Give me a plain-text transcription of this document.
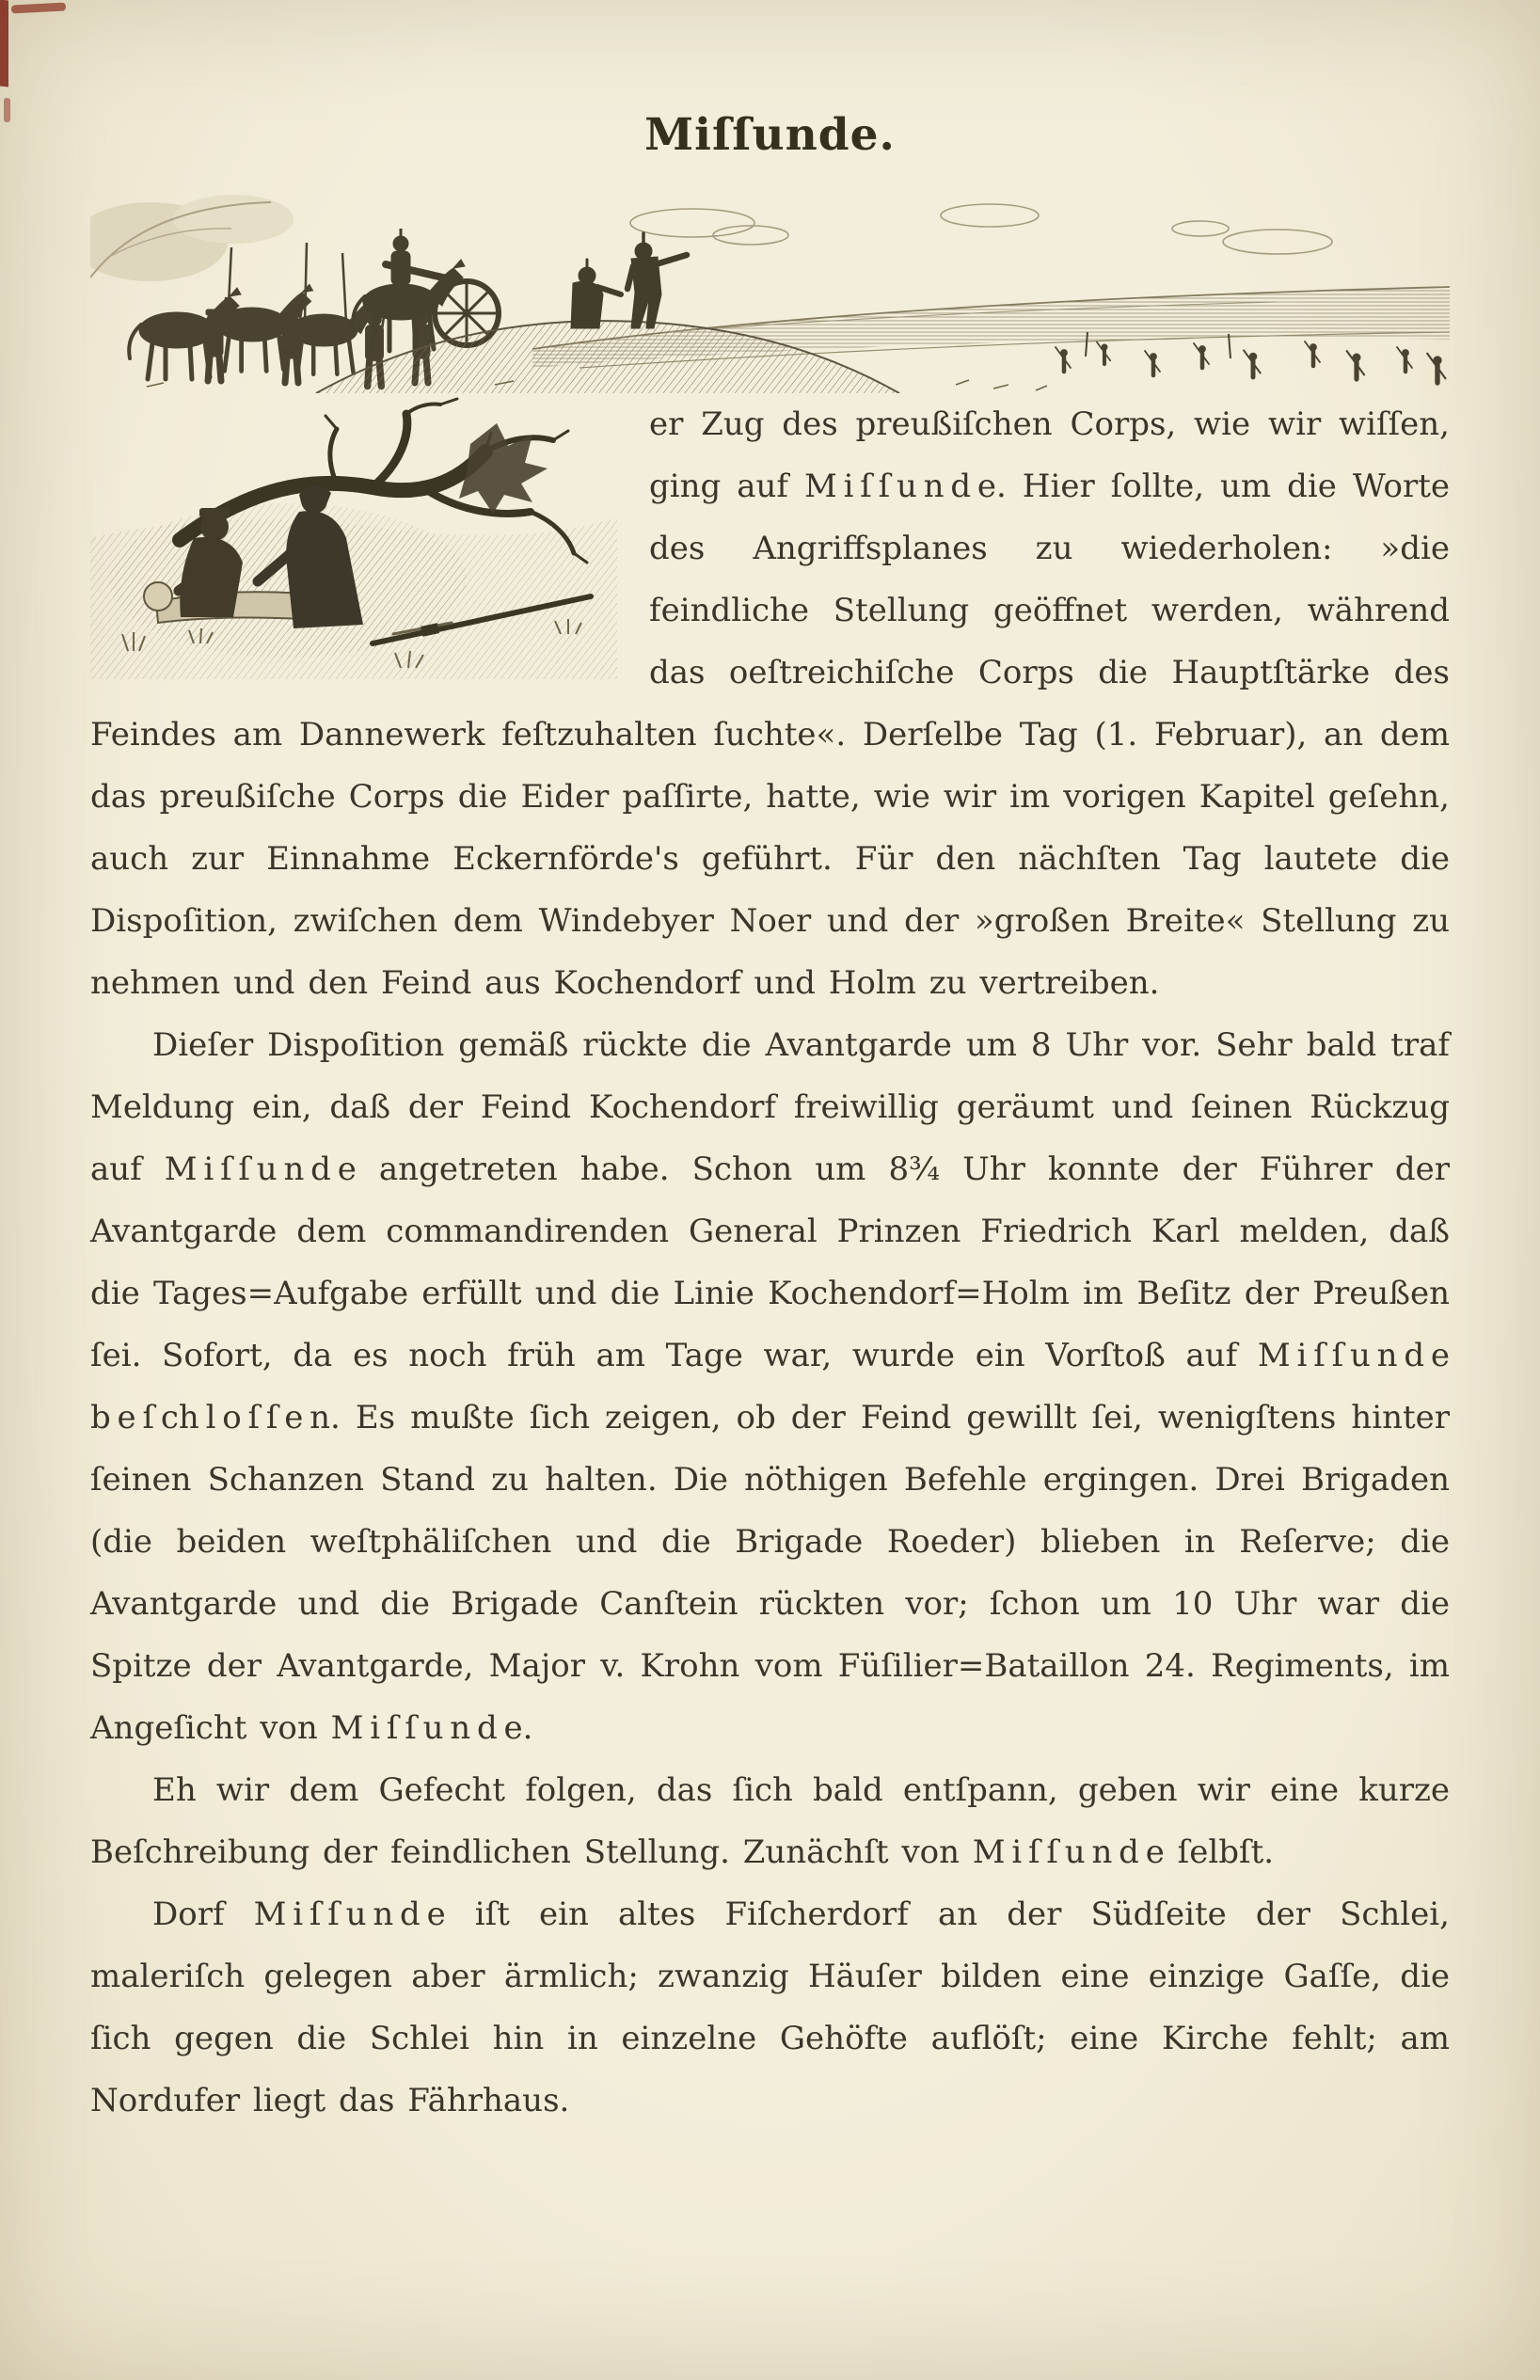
Miſſunde.

er Zug des preußiſchen Corps, wie wir wiſſen, ging auf M i ſ ſ u n d e. Hier ſollte, um die Worte des Angriffsplanes zu wiederholen: »die feindliche Stellung geöffnet werden, während das oeſtreichiſche Corps die Hauptſtärke des Feindes am Dannewerk feſtzuhalten ſuchte«. Derſelbe Tag (1. Februar), an dem das preußiſche Corps die Eider paſſirte, hatte, wie wir im vorigen Kapitel geſehn, auch zur Einnahme Eckernförde's geführt. Für den nächſten Tag lautete die Dispoſition, zwiſchen dem Windebyer Noer und der »großen Breite« Stellung zu nehmen und den Feind aus Kochendorf und Holm zu vertreiben.

Dieſer Dispoſition gemäß rückte die Avantgarde um 8 Uhr vor. Sehr bald traf Meldung ein, daß der Feind Kochendorf freiwillig geräumt und ſeinen Rückzug auf M i ſ ſ u n d e angetreten habe. Schon um 8¾ Uhr konnte der Führer der Avantgarde dem commandirenden General Prinzen Friedrich Karl melden, daß die Tages=Aufgabe erfüllt und die Linie Kochendorf=Holm im Beſitz der Preußen ſei. Sofort, da es noch früh am Tage war, wurde ein Vorſtoß auf M i ſ ſ u n d e b e ſ ch l o ſ ſ e n. Es mußte ſich zeigen, ob der Feind gewillt ſei, wenigſtens hinter ſeinen Schanzen Stand zu halten. Die nöthigen Befehle ergingen. Drei Brigaden (die beiden weſtphäliſchen und die Brigade Roeder) blieben in Reſerve; die Avantgarde und die Brigade Canſtein rückten vor; ſchon um 10 Uhr war die Spitze der Avantgarde, Major v. Krohn vom Füſilier=Bataillon 24. Regiments, im Angeſicht von M i ſ ſ u n d e.

Eh wir dem Gefecht folgen, das ſich bald entſpann, geben wir eine kurze Beſchreibung der feindlichen Stellung. Zunächſt von M i ſ ſ u n d e ſelbſt.

Dorf M i ſ ſ u n d e iſt ein altes Fiſcherdorf an der Südſeite der Schlei, maleriſch gelegen aber ärmlich; zwanzig Häuſer bilden eine einzige Gaſſe, die ſich gegen die Schlei hin in einzelne Gehöfte auflöſt; eine Kirche fehlt; am Nordufer liegt das Fährhaus.
